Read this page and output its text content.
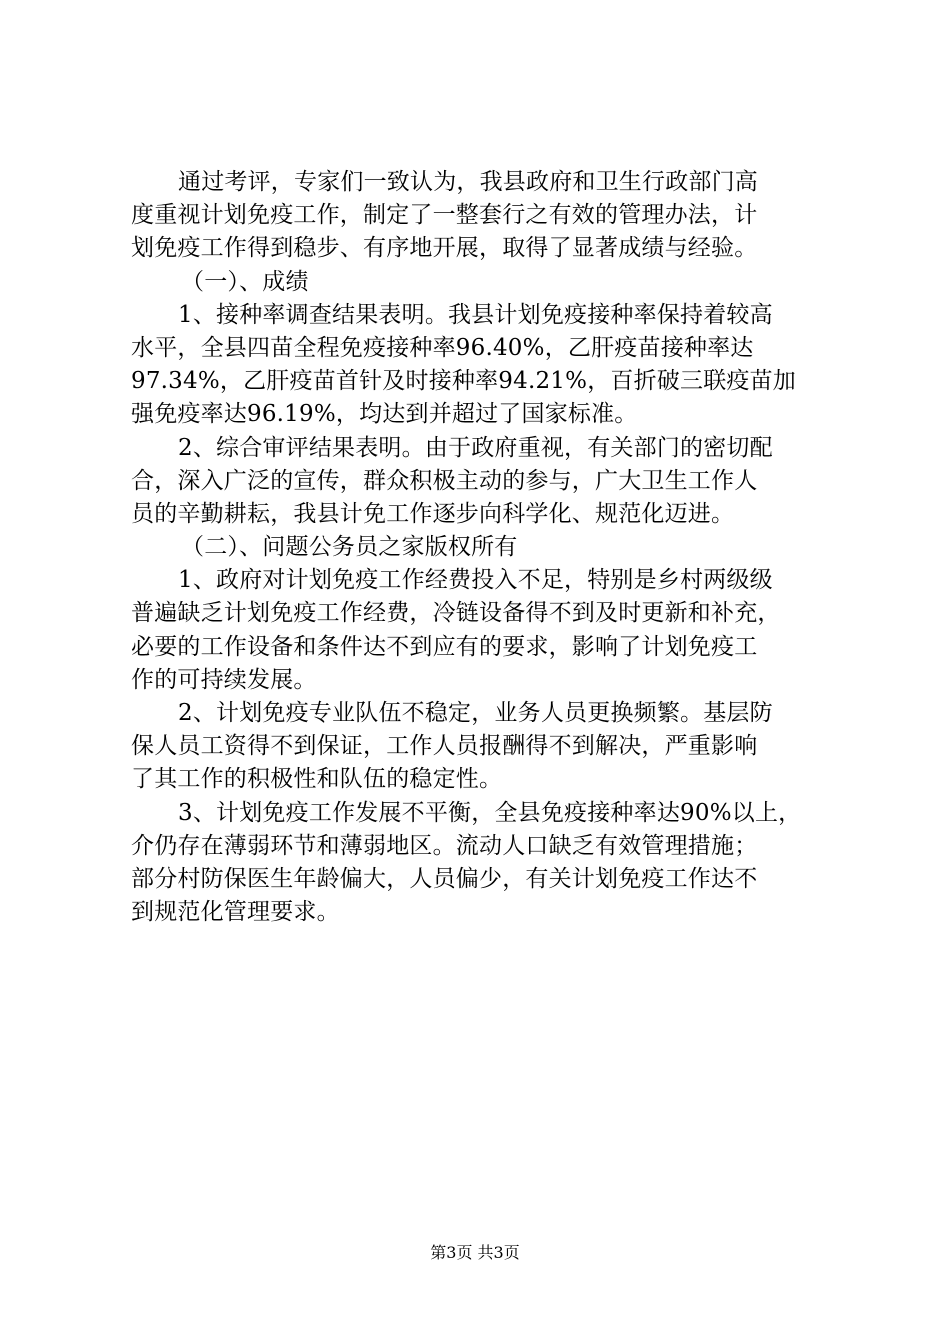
通过考评，专家们一致认为，我县政府和卫生行政部门高
度重视计划免疫工作，制定了一整套行之有效的管理办法，计
划免疫工作得到稳步、有序地开展，取得了显著成绩与经验。
（一）、成绩
1、接种率调查结果表明。我县计划免疫接种率保持着较高
水平，全县四苗全程免疫接种率96.40%，乙肝疫苗接种率达
97.34%，乙肝疫苗首针及时接种率94.21%，百折破三联疫苗加
强免疫率达96.19%，均达到并超过了国家标准。
2、综合审评结果表明。由于政府重视，有关部门的密切配
合，深入广泛的宣传，群众积极主动的参与，广大卫生工作人
员的辛勤耕耘，我县计免工作逐步向科学化、规范化迈进。
（二）、问题公务员之家版权所有
1、政府对计划免疫工作经费投入不足，特别是乡村两级级
普遍缺乏计划免疫工作经费，冷链设备得不到及时更新和补充，
必要的工作设备和条件达不到应有的要求，影响了计划免疫工
作的可持续发展。
2、计划免疫专业队伍不稳定，业务人员更换频繁。基层防
保人员工资得不到保证，工作人员报酬得不到解决，严重影响
了其工作的积极性和队伍的稳定性。
3、计划免疫工作发展不平衡，全县免疫接种率达90%以上，
介仍存在薄弱环节和薄弱地区。流动人口缺乏有效管理措施；
部分村防保医生年龄偏大，人员偏少，有关计划免疫工作达不
到规范化管理要求。
第3页 共3页
